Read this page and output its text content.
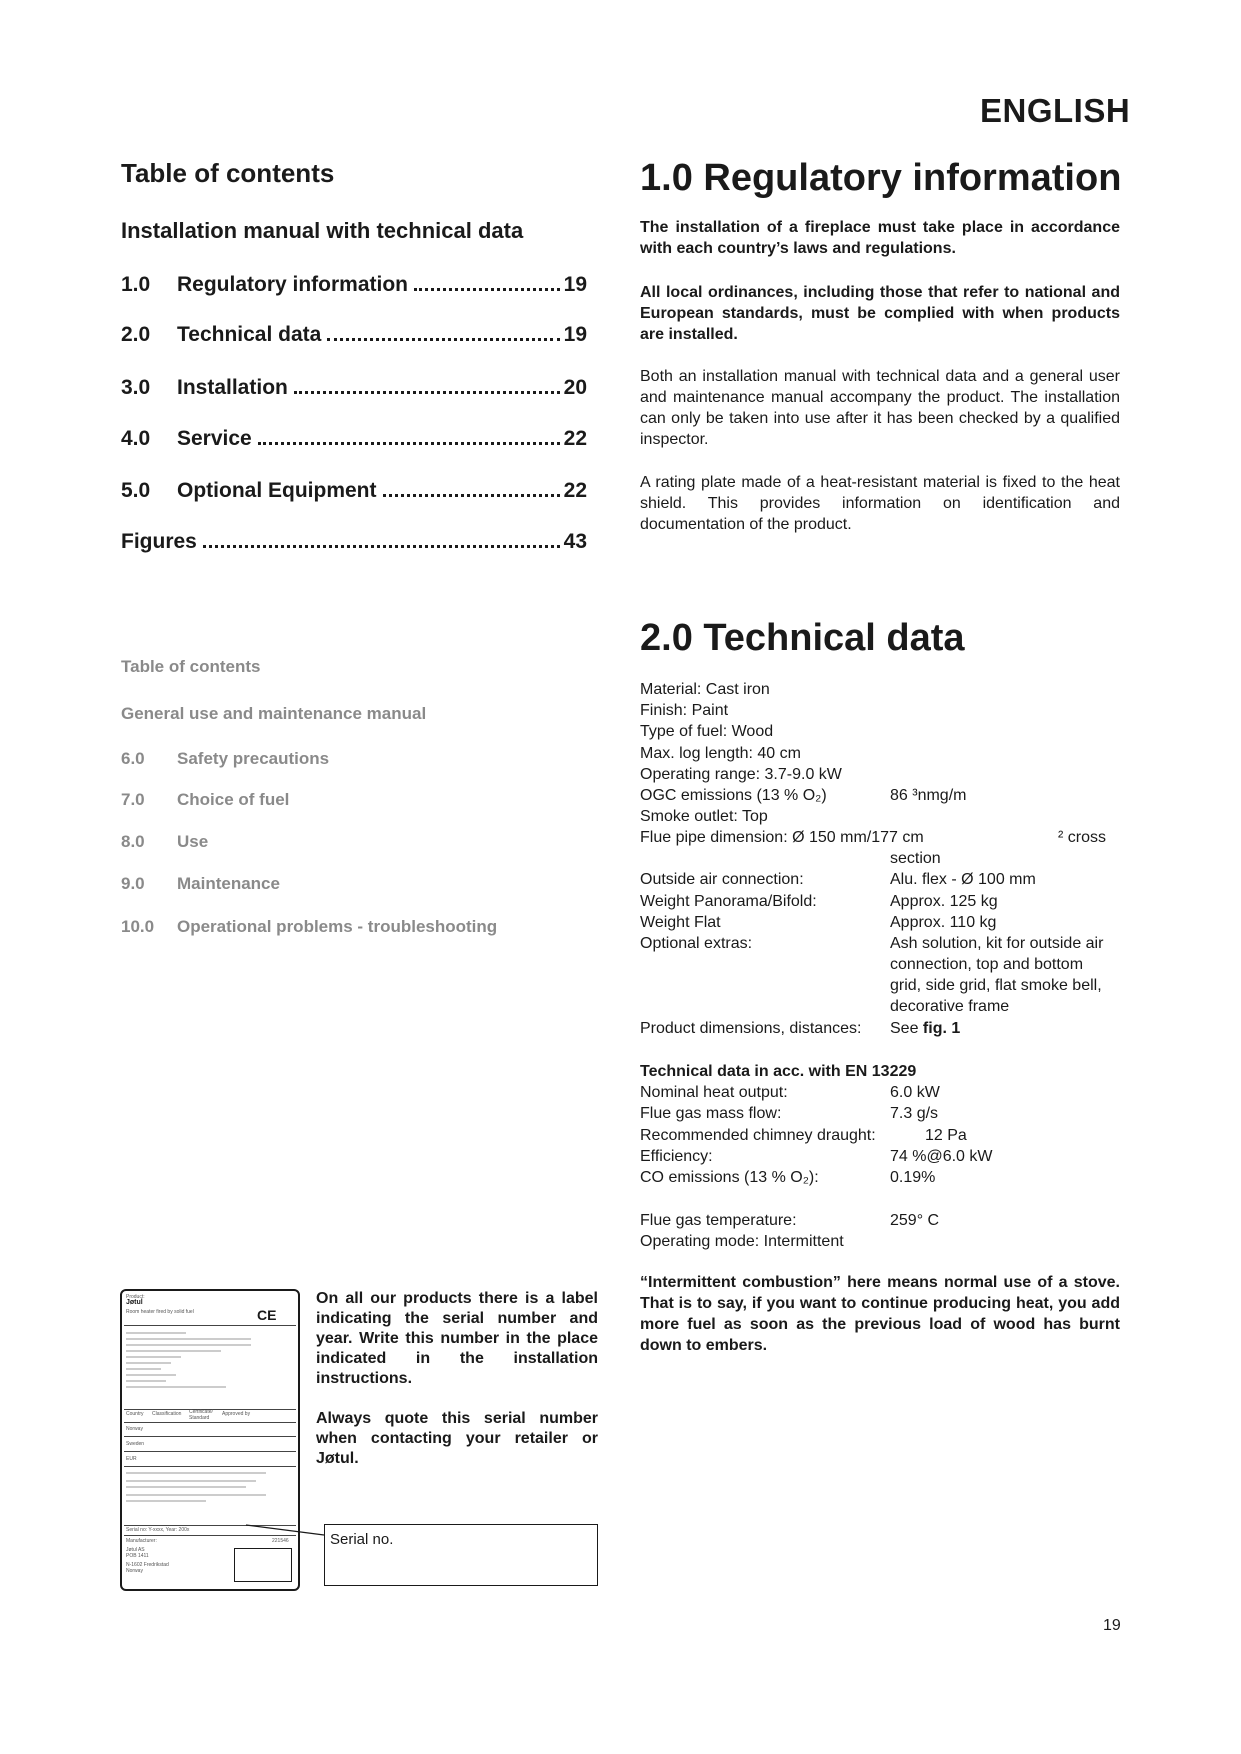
ENGLISH
Table of contents
Installation manual with technical data
1.0	Regulatory information	19
2.0	Technical data	19
3.0	Installation	20
4.0	Service	22
5.0	Optional Equipment	22
Figures	43
Table of contents
General use and maintenance manual
6.0	Safety precautions
7.0	Choice of fuel
8.0	Use
9.0	Maintenance
10.0	Operational problems - troubleshooting
1.0 Regulatory information
The installation of a fireplace must take place in accordance with each country’s laws and regulations.
All local ordinances, including those that refer to national and European standards, must be complied with when products are installed.
Both an installation manual with technical data and a general user and maintenance manual accompany the product. The installation can only be taken into use after it has been checked by a qualified inspector.
A rating plate made of a heat-resistant material is fixed to the heat shield. This provides information on identification and documentation of the product.
2.0 Technical data
Material: Cast iron
Finish: Paint
Type of fuel: Wood
Max. log length: 40 cm
Operating range: 3.7-9.0 kW
OGC emissions (13 % O₂)	86 ³nmg/m
Smoke outlet: Top
Flue pipe dimension: Ø 150 mm/177 cm	² cross
section
Outside air connection:	Alu. flex - Ø 100 mm
Weight Panorama/Bifold:	Approx. 125 kg
Weight Flat	Approx. 110 kg
Optional extras:	Ash solution, kit for outside air connection, top and bottom grid, side grid, flat smoke bell, decorative frame
Product dimensions, distances: See fig. 1
Technical data in acc. with EN 13229
Nominal heat output:	6.0 kW
Flue gas mass flow:	7.3 g/s
Recommended chimney draught:	12 Pa
Efficiency:	74 %@6.0 kW
CO emissions (13 % O₂):	0.19%
Flue gas temperature:	259° C
Operating mode: Intermittent
“Intermittent combustion” here means normal use of a stove. That is to say, if you want to continue producing heat, you add more fuel as soon as the previous load of wood has burnt down to embers.
Product:
Jøtul
Room heater fired by solid fuel	CE
Country Classification Certificate/ Standard
Approved by
Norway
Sweden
EUR
Serial no: Y-xxxx, Year: 200x
Manufacturer:	221546
Jøtul AS
POB 1411
N-1602 Fredrikstad
Norway
On all our products there is a label indicating the serial number and year. Write this number in the place indicated in the installation instructions.
Always quote this serial number when contacting your retailer or Jøtul.
Serial no.
19
